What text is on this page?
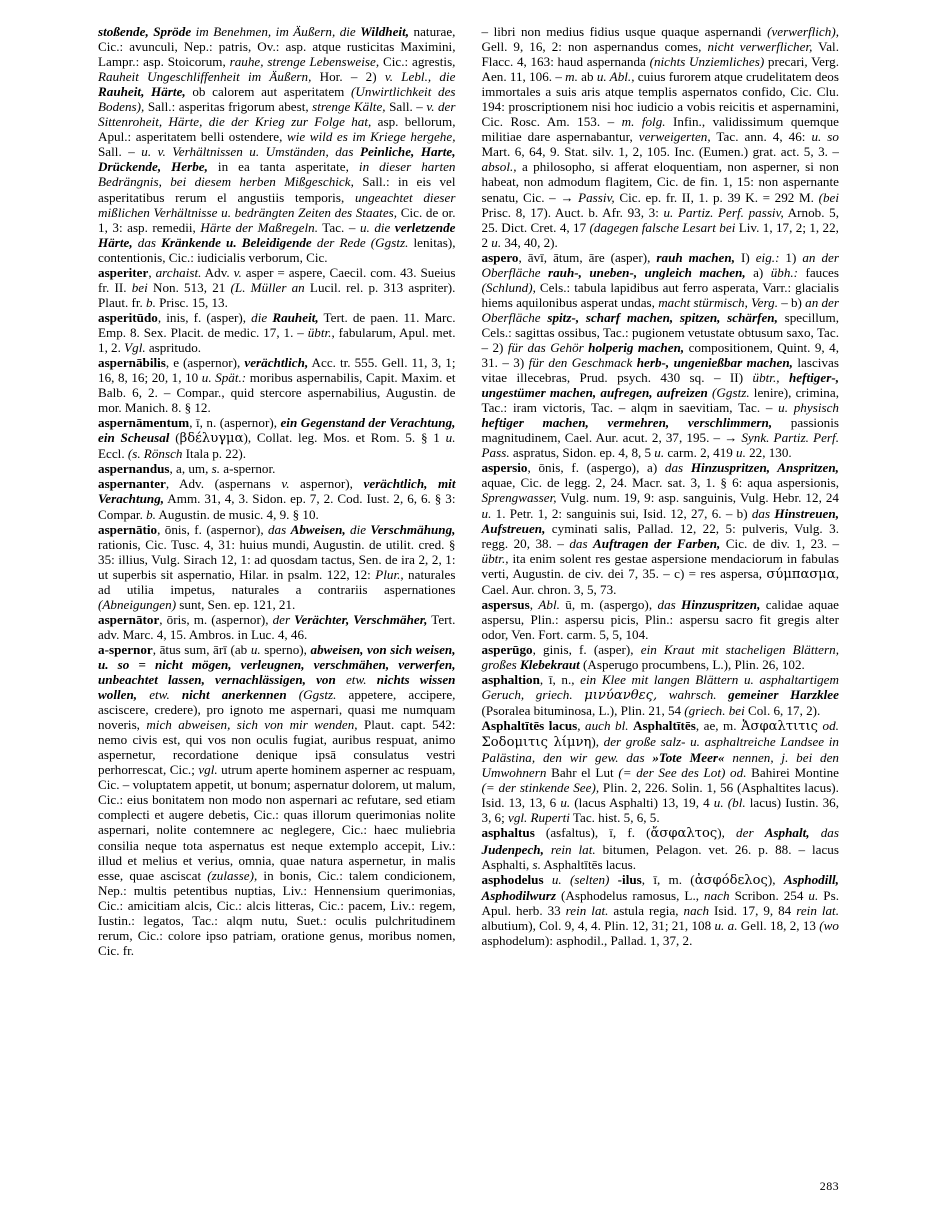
stoßende, Spröde im Benehmen, im Äußern, die Wildheit, naturae, Cic.: avunculi, Nep.: patris, Ov.: asp. atque rusticitas Maximini, Lampr.: asp. Stoicorum, rauhe, strenge Lebensweise, Cic.: agrestis, Rauheit Ungeschliffenheit im Äußern, Hor. – 2) v. Lebl., die Rauheit, Härte, ob calorem aut asperitatem (Unwirtlichkeit des Bodens), Sall.: asperitas frigorum abest, strenge Kälte, Sall. – v. der Sittenroheit, Härte, die der Krieg zur Folge hat, asp. bellorum, Apul.: asperitatem belli ostendere, wie wild es im Kriege hergehe, Sall. – u. v. Verhältnissen u. Umständen, das Peinliche, Harte, Drückende, Herbe, in ea tanta asperitate, in dieser harten Bedrängnis, bei diesem herben Mißgeschick, Sall.: in eis vel asperitatibus rerum el angustiis temporis, ungeachtet dieser mißlichen Verhältnisse u. bedrängten Zeiten des Staates, Cic. de or. 1, 3: asp. remedii, Härte der Maßregeln. Tac. – u. die verletzende Härte, das Kränkende u. Beleidigende der Rede (Ggstz. lenitas), contentionis, Cic.: iudicialis verborum, Cic.

asperiter, archaist. Adv. v. asper = aspere, Caecil. com. 43. Sueius fr. II. bei Non. 513, 21 (L. Müller an Lucil. rel. p. 313 aspriter). Plaut. fr. b. Prisc. 15, 13.

asperitūdo, inis, f. (asper), die Rauheit, Tert. de paen. 11. Marc. Emp. 8. Sex. Placit. de medic. 17, 1. – übtr., fabularum, Apul. met. 1, 2. Vgl. aspritudo.

aspernābilis, e (aspernor), verächtlich, Acc. tr. 555. Gell. 11, 3, 1; 16, 8, 16; 20, 1, 10 u. Spät.: moribus aspernabilis, Capit. Maxim. et Balb. 6, 2. – Compar., quid stercore aspernabilius, Augustin. de mor. Manich. 8. § 12.

aspernāmentum, ī, n. (aspernor), ein Gegenstand der Verachtung, ein Scheusal (βδέλυγμα), Collat. leg. Mos. et Rom. 5. § 1 u. Eccl. (s. Rönsch Itala p. 22).

aspernandus, a, um, s. a-spernor.

aspernanter, Adv. (aspernans v. aspernor), verächtlich, mit Verachtung, Amm. 31, 4, 3. Sidon. ep. 7, 2. Cod. Iust. 2, 6, 6. § 3: Compar. b. Augustin. de music. 4, 9. § 10.

aspernātio, ōnis, f. (aspernor), das Abweisen, die Verschmähung, rationis, Cic. Tusc. 4, 31: huius mundi, Augustin. de utilit. cred. § 35: illius, Vulg. Sirach 12, 1: ad quosdam tactus, Sen. de ira 2, 2, 1: ut superbis sit aspernatio, Hilar. in psalm. 122, 12: Plur., naturales ad utilia impetus, naturales a contrariis aspernationes (Abneigungen) sunt, Sen. ep. 121, 21.

aspernātor, ōris, m. (aspernor), der Verächter, Verschmäher, Tert. adv. Marc. 4, 15. Ambros. in Luc. 4, 46.

a-spernor, ātus sum, ārī (ab u. sperno), abweisen, von sich weisen, u. so = nicht mögen, verleugnen, verschmähen, verwerfen, unbeachtet lassen, vernachlässigen, von etw. nichts wissen wollen, etw. nicht anerkennen (Ggstz. appetere, accipere, asciscere, credere), pro ignoto me aspernari, quasi me numquam noveris, mich abweisen, sich von mir wenden, Plaut. capt. 542: nemo civis est, qui vos non oculis fugiat, auribus respuat, animo aspernetur, recordatione denique ipsā consulatus vestri perhorrescat, Cic.; vgl. utrum aperte hominem asperner ac respuam, Cic. – voluptatem appetit, ut bonum; aspernatur dolorem, ut malum, Cic.: eius bonitatem non modo non aspernari ac refutare, sed etiam complecti et augere debetis, Cic.: quas illorum querimonias nolite aspernari, nolite contemnere ac neglegere, Cic.: haec muliebria consilia neque tota aspernatus est neque extemplo accepit, Liv.: illud et melius et verius, omnia, quae natura aspernetur, in malis esse, quae asciscat (zulasse), in bonis, Cic.: talem condicionem, Nep.: multis petentibus nuptias, Liv.: Hennensium querimonias, Cic.: amicitiam alcis, Cic.: alcis litteras, Cic.: pacem, Liv.: regem, Iustin.: legatos, Tac.: alqm nutu, Suet.: oculis pulchritudinem rerum, Cic.: colore ipso patriam, oratione genus, moribus nomen, Cic. fr.

– libri non medius fidius usque quaque aspernandi (verwerflich), Gell. 9, 16, 2: non aspernandus comes, nicht verwerflicher, Val. Flacc. 4, 163: haud aspernanda (nichts Unziemliches) precari, Verg. Aen. 11, 106. – m. ab u. Abl., cuius furorem atque crudelitatem deos immortales a suis aris atque templis aspernatos confido, Cic. Clu. 194: proscriptionem nisi hoc iudicio a vobis reicitis et aspernamini, Cic. Rosc. Am. 153. – m. folg. Infin., validissimum quemque militiae dare aspernabantur, verweigerten, Tac. ann. 4, 46: u. so Mart. 6, 64, 9. Stat. silv. 1, 2, 105. Inc. (Eumen.) grat. act. 5, 3. – absol., a philosopho, si afferat eloquentiam, non asperner, si non habeat, non admodum flagitem, Cic. de fin. 1, 15: non aspernante senatu, Cic. – → Passiv, Cic. ep. fr. II, 1. p. 39 K. = 292 M. (bei Prisc. 8, 17). Auct. b. Afr. 93, 3: u. Partiz. Perf. passiv, Arnob. 5, 25. Dict. Cret. 4, 17 (dagegen falsche Lesart bei Liv. 1, 17, 2; 1, 22, 2 u. 34, 40, 2).

aspero, āvī, ātum, āre (asper), rauh machen, I) eig.: 1) an der Oberfläche rauh-, uneben-, ungleich machen, a) übh.: fauces (Schlund), Cels.: tabula lapidibus aut ferro asperata, Varr.: glacialis hiems aquilonibus asperat undas, macht stürmisch, Verg. – b) an der Oberfläche spitz-, scharf machen, spitzen, schärfen, specillum, Cels.: sagittas ossibus, Tac.: pugionem vetustate obtusum saxo, Tac. – 2) für das Gehör holperig machen, compositionem, Quint. 9, 4, 31. – 3) für den Geschmack herb-, ungenießbar machen, lascivas vitae illecebras, Prud. psych. 430 sq. – II) übtr., heftiger-, ungestümer machen, aufregen, aufreizen (Ggstz. lenire), crimina, Tac.: iram victoris, Tac. – alqm in saevitiam, Tac. – u. physisch heftiger machen, vermehren, verschlimmern, passionis magnitudinem, Cael. Aur. acut. 2, 37, 195. – → Synk. Partiz. Perf. Pass. aspratus, Sidon. ep. 4, 8, 5 u. carm. 2, 419 u. 22, 130.

aspersio, ōnis, f. (aspergo), a) das Hinzuspritzen, Anspritzen, aquae, Cic. de legg. 2, 24. Macr. sat. 3, 1. § 6: aqua aspersionis, Sprengwasser, Vulg. num. 19, 9: asp. sanguinis, Vulg. Hebr. 12, 24 u. 1. Petr. 1, 2: sanguinis sui, Isid. 12, 27, 6. – b) das Hinstreuen, Aufstreuen, cyminati salis, Pallad. 12, 22, 5: pulveris, Vulg. 3. regg. 20, 38. – das Auftragen der Farben, Cic. de div. 1, 23. – übtr., ita enim solent res gestae aspersione mendaciorum in fabulas verti, Augustin. de civ. dei 7, 35. – c) = res aspersa, σύμπασμα, Cael. Aur. chron. 3, 5, 73.

aspersus, Abl. ū, m. (aspergo), das Hinzuspritzen, calidae aquae aspersu, Plin.: aspersu picis, Plin.: aspersu sacro fit gregis alter odor, Ven. Fort. carm. 5, 5, 104.

asperūgo, ginis, f. (asper), ein Kraut mit stacheligen Blättern, großes Klebekraut (Asperugo procumbens, L.), Plin. 26, 102.

asphaltion, ī, n., ein Klee mit langen Blättern u. asphaltartigem Geruch, griech. μινύανθες, wahrsch. gemeiner Harzklee (Psoralea bituminosa, L.), Plin. 21, 54 (griech. bei Col. 6, 17, 2).

Asphaltītēs lacus, auch bl. Asphaltītēs, ae, m. Ἀσφαλτιτις od. Σοδομιτις λίμνη), der große salz- u. asphaltreiche Landsee in Palästina, den wir gew. das »Tote Meer« nennen, j. bei den Umwohnern Bahr el Lut (= der See des Lot) od. Bahirei Montine (= der stinkende See), Plin. 2, 226. Solin. 1, 56 (Asphaltites lacus). Isid. 13, 13, 6 u. (lacus Asphalti) 13, 19, 4 u. (bl. lacus) Iustin. 36, 3, 6; vgl. Ruperti Tac. hist. 5, 6, 5.

asphaltus (asfaltus), ī, f. (ἄσφαλτος), der Asphalt, das Judenpech, rein lat. bitumen, Pelagon. vet. 26. p. 88. – lacus Asphalti, s. Asphaltītēs lacus.

asphodelus u. (selten) -ilus, ī, m. (ἀσφόδελος), Asphodill, Asphodilwurz (Asphodelus ramosus, L., nach Scribon. 254 u. Ps. Apul. herb. 33 rein lat. astula regia, nach Isid. 17, 9, 84 rein lat. albutium), Col. 9, 4, 4. Plin. 12, 31; 21, 108 u. a. Gell. 18, 2, 13 (wo asphodelum): asphodil., Pallad. 1, 37, 2.

283
